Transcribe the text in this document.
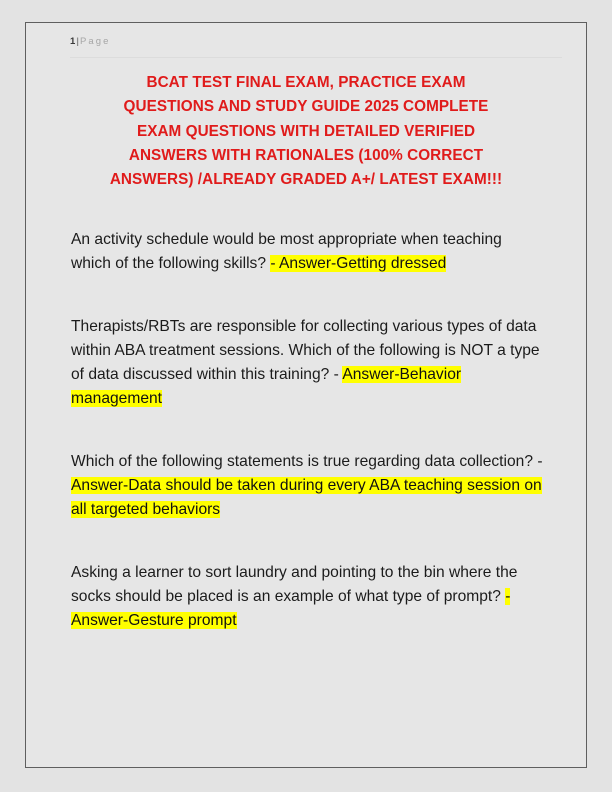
1|Page
BCAT TEST FINAL EXAM, PRACTICE EXAM
QUESTIONS AND STUDY GUIDE 2025 COMPLETE
EXAM QUESTIONS WITH DETAILED VERIFIED
ANSWERS WITH RATIONALES (100% CORRECT
ANSWERS) /ALREADY GRADED A+/ LATEST EXAM!!!

An activity schedule would be most appropriate when teaching which of the following skills? - Answer-Getting dressed

Therapists/RBTs are responsible for collecting various types of data within ABA treatment sessions. Which of the following is NOT a type of data discussed within this training? - Answer-Behavior management

Which of the following statements is true regarding data collection? - Answer-Data should be taken during every ABA teaching session on all targeted behaviors

Asking a learner to sort laundry and pointing to the bin where the socks should be placed is an example of what type of prompt? - Answer-Gesture prompt
